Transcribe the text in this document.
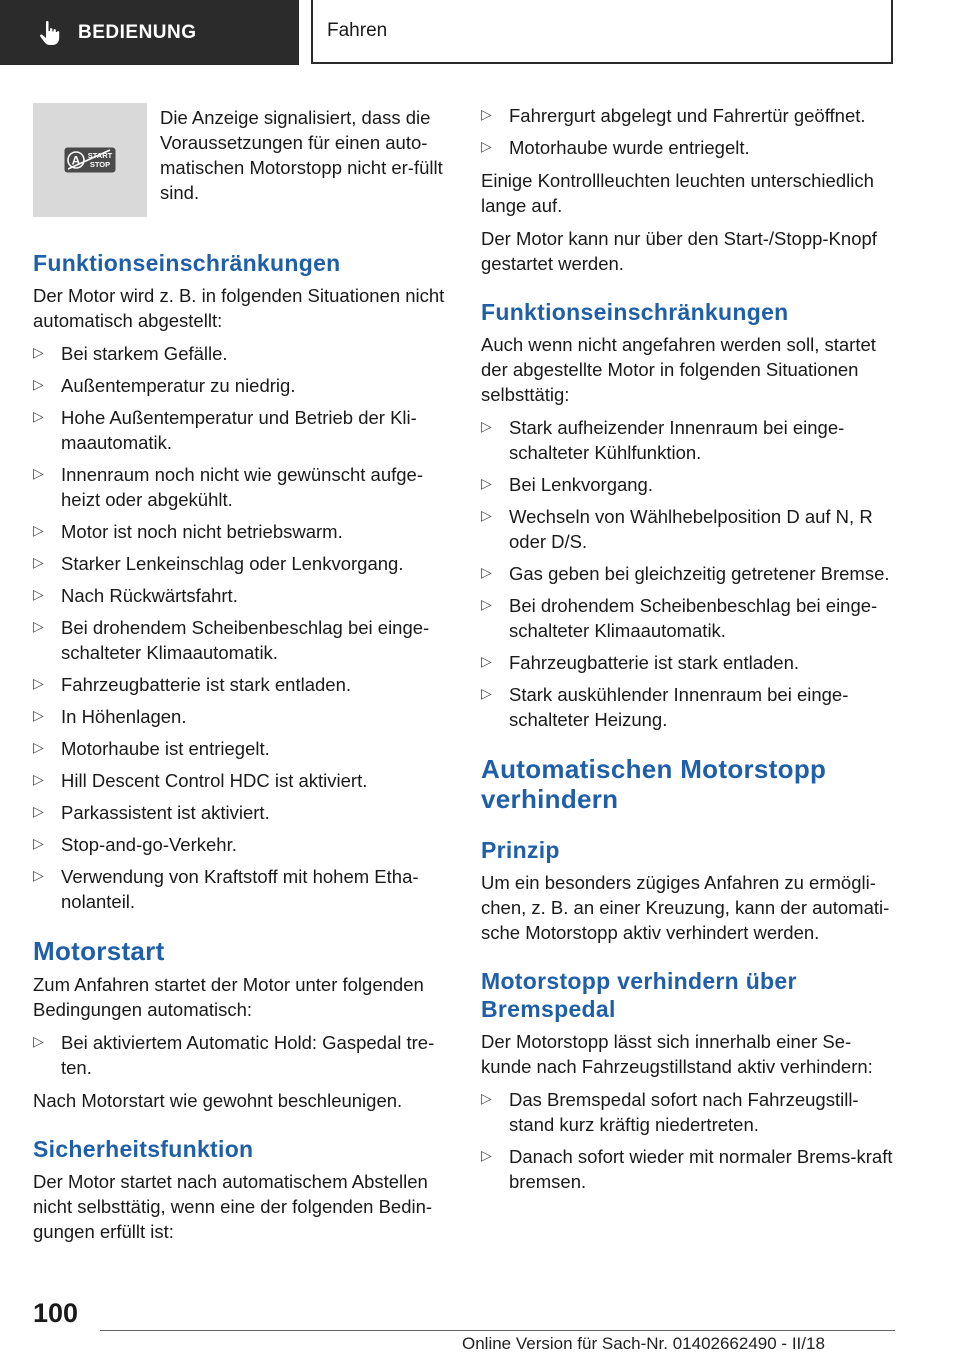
BEDIENUNG	Fahren
A START
STOP
Die Anzeige signalisiert, dass die Voraussetzungen für einen auto-matischen Motorstopp nicht er-füllt sind.
Funktionseinschränkungen

Der Motor wird z. B. in folgenden Situationen nicht automatisch abgestellt:

▷ Bei starkem Gefälle.
▷ Außentemperatur zu niedrig.
▷ Hohe Außentemperatur und Betrieb der Kli-maautomatik.
▷ Innenraum noch nicht wie gewünscht aufge-heizt oder abgekühlt.
▷ Motor ist noch nicht betriebswarm.
▷ Starker Lenkeinschlag oder Lenkvorgang.
▷ Nach Rückwärtsfahrt.
▷ Bei drohendem Scheibenbeschlag bei einge-schalteter Klimaautomatik.
▷ Fahrzeugbatterie ist stark entladen.
▷ In Höhenlagen.
▷ Motorhaube ist entriegelt.
▷ Hill Descent Control HDC ist aktiviert.
▷ Parkassistent ist aktiviert.
▷ Stop-and-go-Verkehr.
▷ Verwendung von Kraftstoff mit hohem Etha-nolanteil.
Motorstart

Zum Anfahren startet der Motor unter folgenden Bedingungen automatisch:

▷ Bei aktiviertem Automatic Hold: Gaspedal tre-ten.

Nach Motorstart wie gewohnt beschleunigen.

Sicherheitsfunktion

Der Motor startet nach automatischem Abstellen nicht selbsttätig, wenn eine der folgenden Bedin-gungen erfüllt ist:

▷ Fahrergurt abgelegt und Fahrertür geöffnet.
▷ Motorhaube wurde entriegelt.

Einige Kontrollleuchten leuchten unterschiedlich lange auf.

Der Motor kann nur über den Start-/Stopp-Knopf gestartet werden.

Funktionseinschränkungen

Auch wenn nicht angefahren werden soll, startet der abgestellte Motor in folgenden Situationen selbsttätig:

▷ Stark aufheizender Innenraum bei einge-schalteter Kühlfunktion.
▷ Bei Lenkvorgang.
▷ Wechseln von Wählhebelposition D auf N, R oder D/S.
▷ Gas geben bei gleichzeitig getretener Bremse.
▷ Bei drohendem Scheibenbeschlag bei einge-schalteter Klimaautomatik.
▷ Fahrzeugbatterie ist stark entladen.
▷ Stark auskühlender Innenraum bei einge-schalteter Heizung.
Automatischen Motorstopp verhindern
Prinzip

Um ein besonders zügiges Anfahren zu ermögli-chen, z. B. an einer Kreuzung, kann der automati-sche Motorstopp aktiv verhindert werden.

Motorstopp verhindern über Bremspedal

Der Motorstopp lässt sich innerhalb einer Se-kunde nach Fahrzeugstillstand aktiv verhindern:

▷ Das Bremspedal sofort nach Fahrzeugstill-stand kurz kräftig niedertreten.
▷ Danach sofort wieder mit normaler Brems-kraft bremsen.
100
Online Version für Sach-Nr. 01402662490 - II/18
